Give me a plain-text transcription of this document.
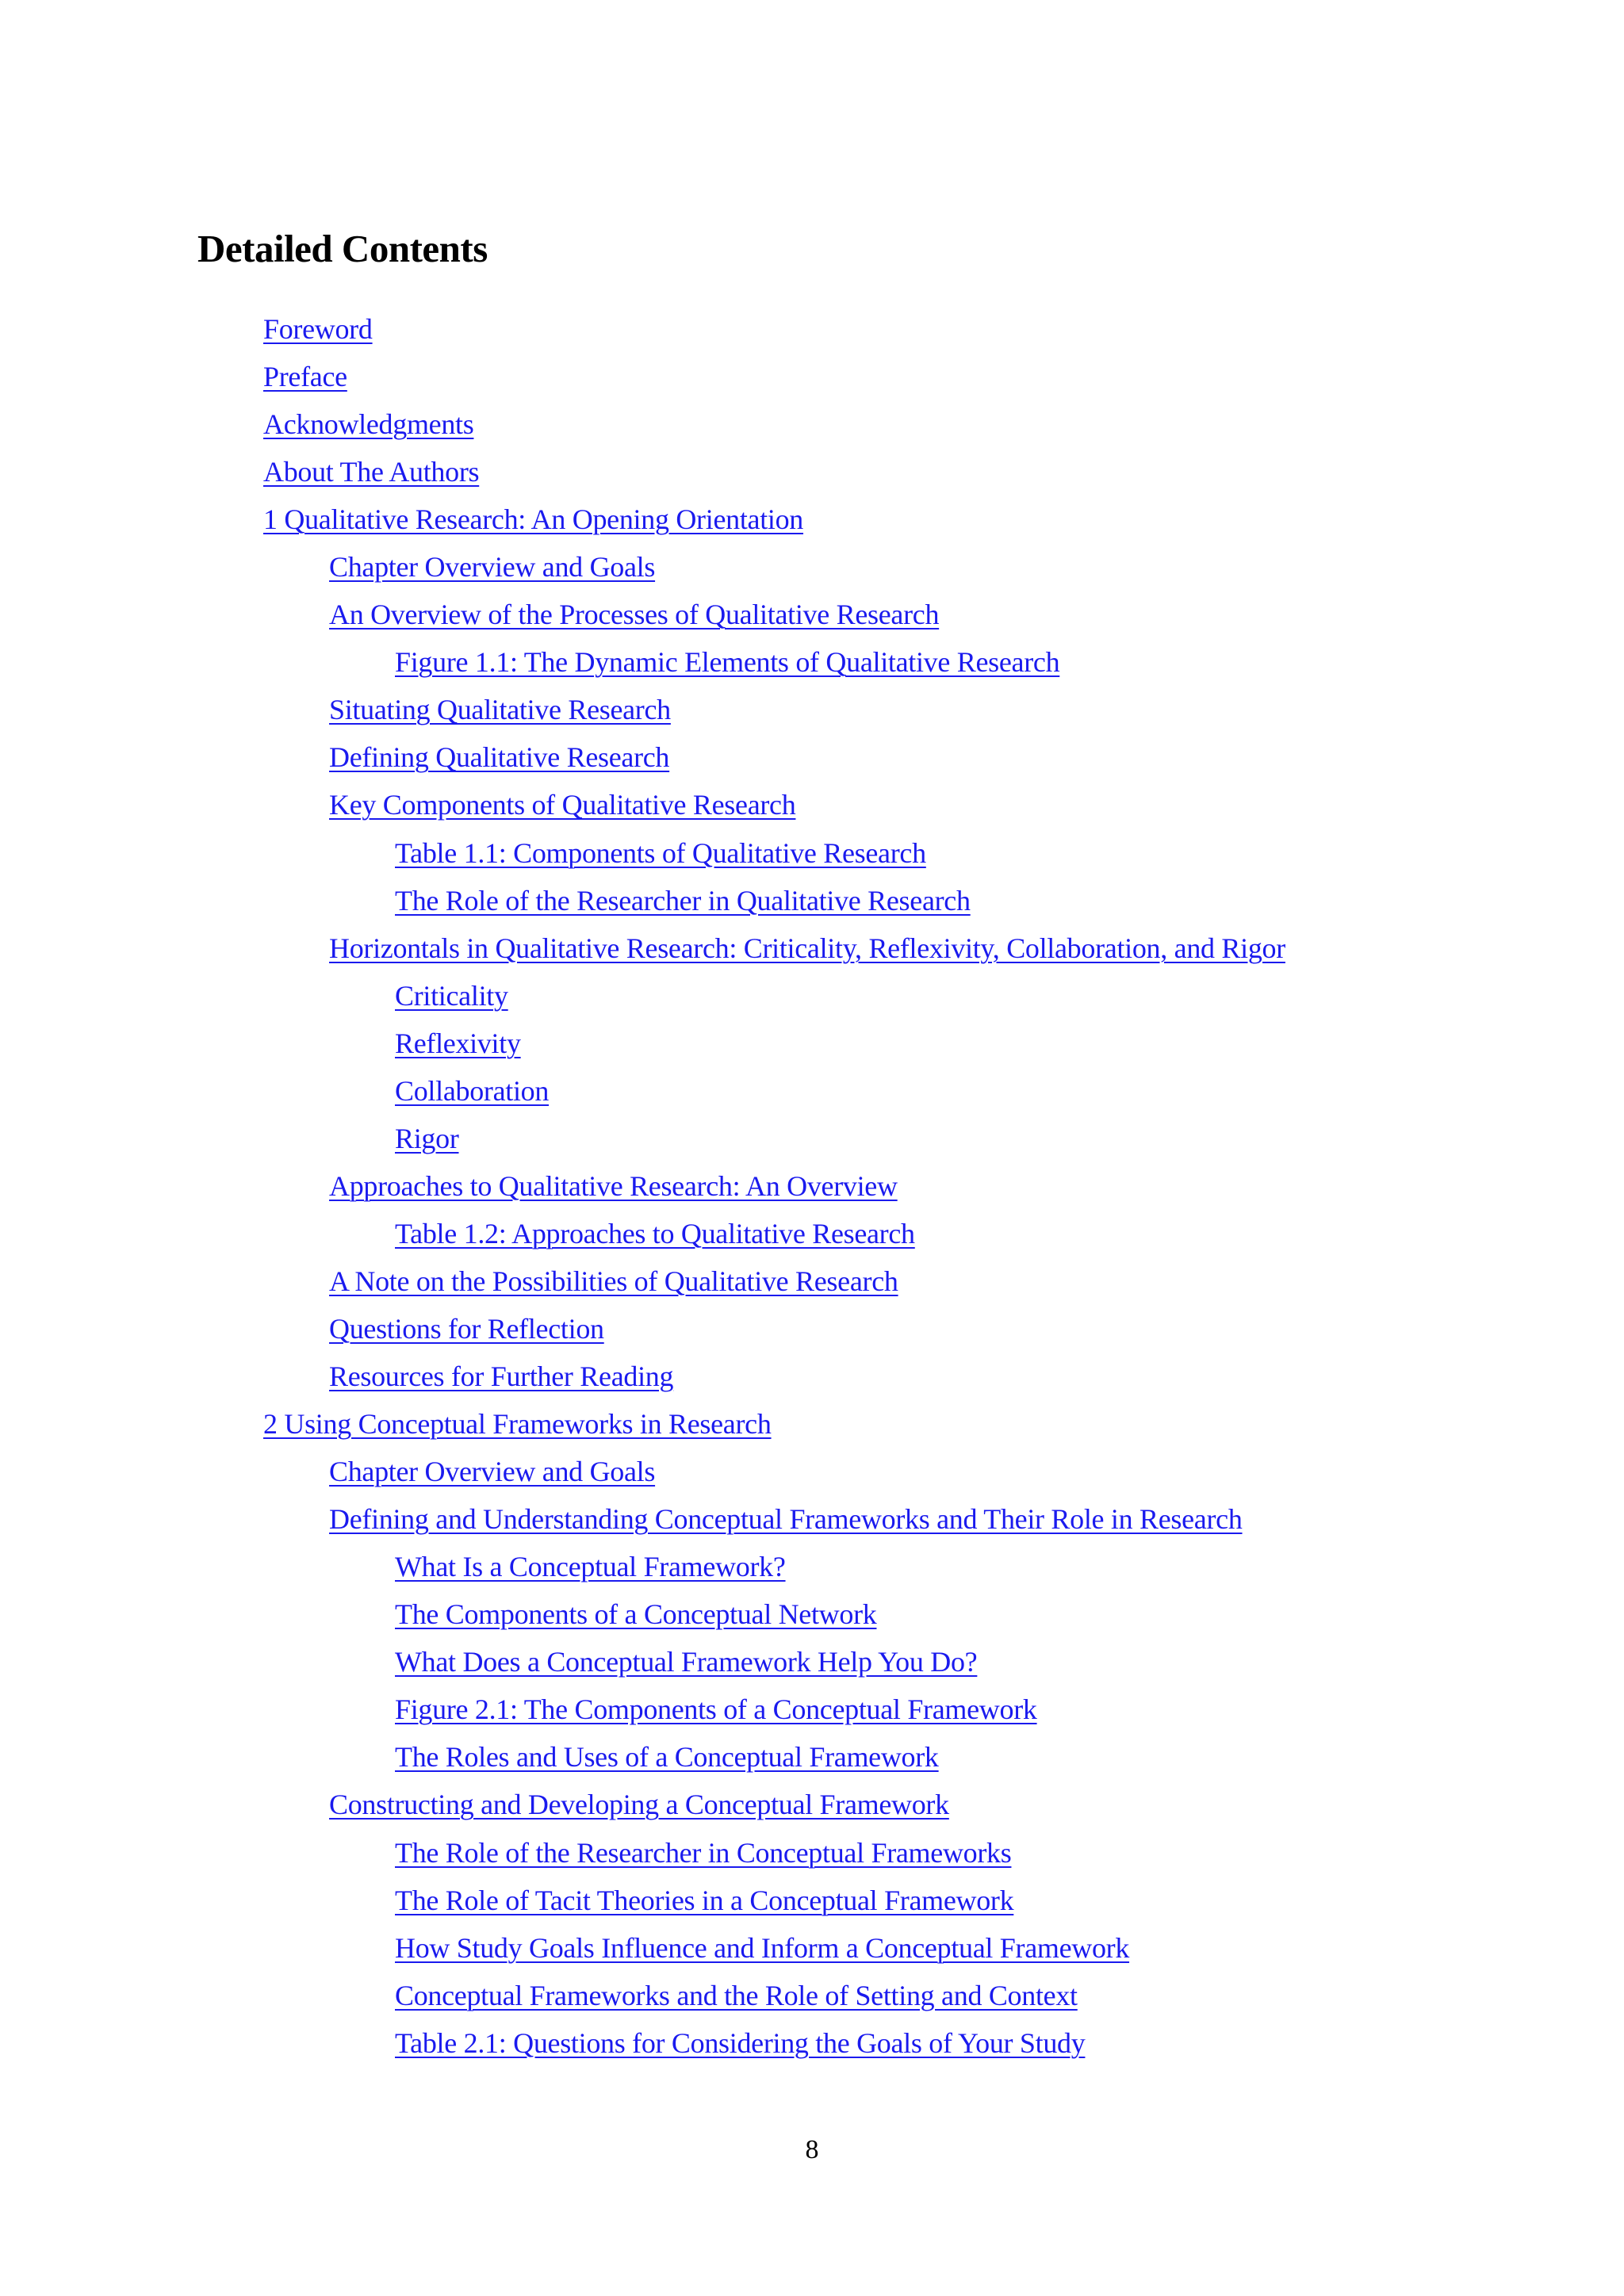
Detailed Contents
Foreword
Preface
Acknowledgments
About The Authors
1 Qualitative Research: An Opening Orientation
Chapter Overview and Goals
An Overview of the Processes of Qualitative Research
Figure 1.1: The Dynamic Elements of Qualitative Research
Situating Qualitative Research
Defining Qualitative Research
Key Components of Qualitative Research
Table 1.1: Components of Qualitative Research
The Role of the Researcher in Qualitative Research
Horizontals in Qualitative Research: Criticality, Reflexivity, Collaboration, and Rigor
Criticality
Reflexivity
Collaboration
Rigor
Approaches to Qualitative Research: An Overview
Table 1.2: Approaches to Qualitative Research
A Note on the Possibilities of Qualitative Research
Questions for Reflection
Resources for Further Reading
2 Using Conceptual Frameworks in Research
Chapter Overview and Goals
Defining and Understanding Conceptual Frameworks and Their Role in Research
What Is a Conceptual Framework?
The Components of a Conceptual Network
What Does a Conceptual Framework Help You Do?
Figure 2.1: The Components of a Conceptual Framework
The Roles and Uses of a Conceptual Framework
Constructing and Developing a Conceptual Framework
The Role of the Researcher in Conceptual Frameworks
The Role of Tacit Theories in a Conceptual Framework
How Study Goals Influence and Inform a Conceptual Framework
Conceptual Frameworks and the Role of Setting and Context
Table 2.1: Questions for Considering the Goals of Your Study
8
